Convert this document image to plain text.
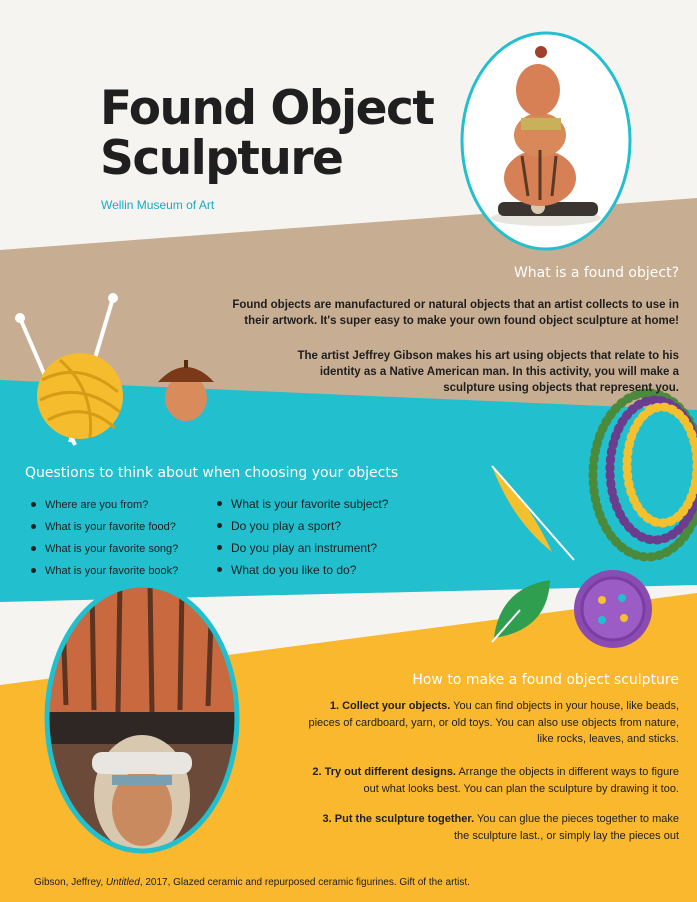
Found Object
Sculpture
Wellin Museum of Art
What is a found object?
Found objects are manufactured or natural objects that an artist collects to use in
their artwork. It's super easy to make your own found object sculpture at home!
The artist Jeffrey Gibson makes his art using objects that relate to his
identity as a Native American man. In this activity, you will make a
sculpture using objects that represent you.
Questions to think about when choosing your objects
Where are you from?
What is your favorite food?
What is your favorite song?
What is your favorite book?
What is your favorite subject?
Do you play a sport?
Do you play an instrument?
What do you like to do?
How to make a found object sculpture
1. Collect your objects. You can find objects in your house, like beads,
pieces of cardboard, yarn, or old toys. You can also use objects from nature,
like rocks, leaves, and sticks.
2. Try out different designs. Arrange the objects in different ways to figure
out what looks best. You can plan the sculpture by drawing it too.
3. Put the sculpture together. You can glue the pieces together to make
the sculpture last., or simply lay the pieces out
Gibson, Jeffrey, Untitled, 2017, Glazed ceramic and repurposed ceramic figurines. Gift of the artist.
